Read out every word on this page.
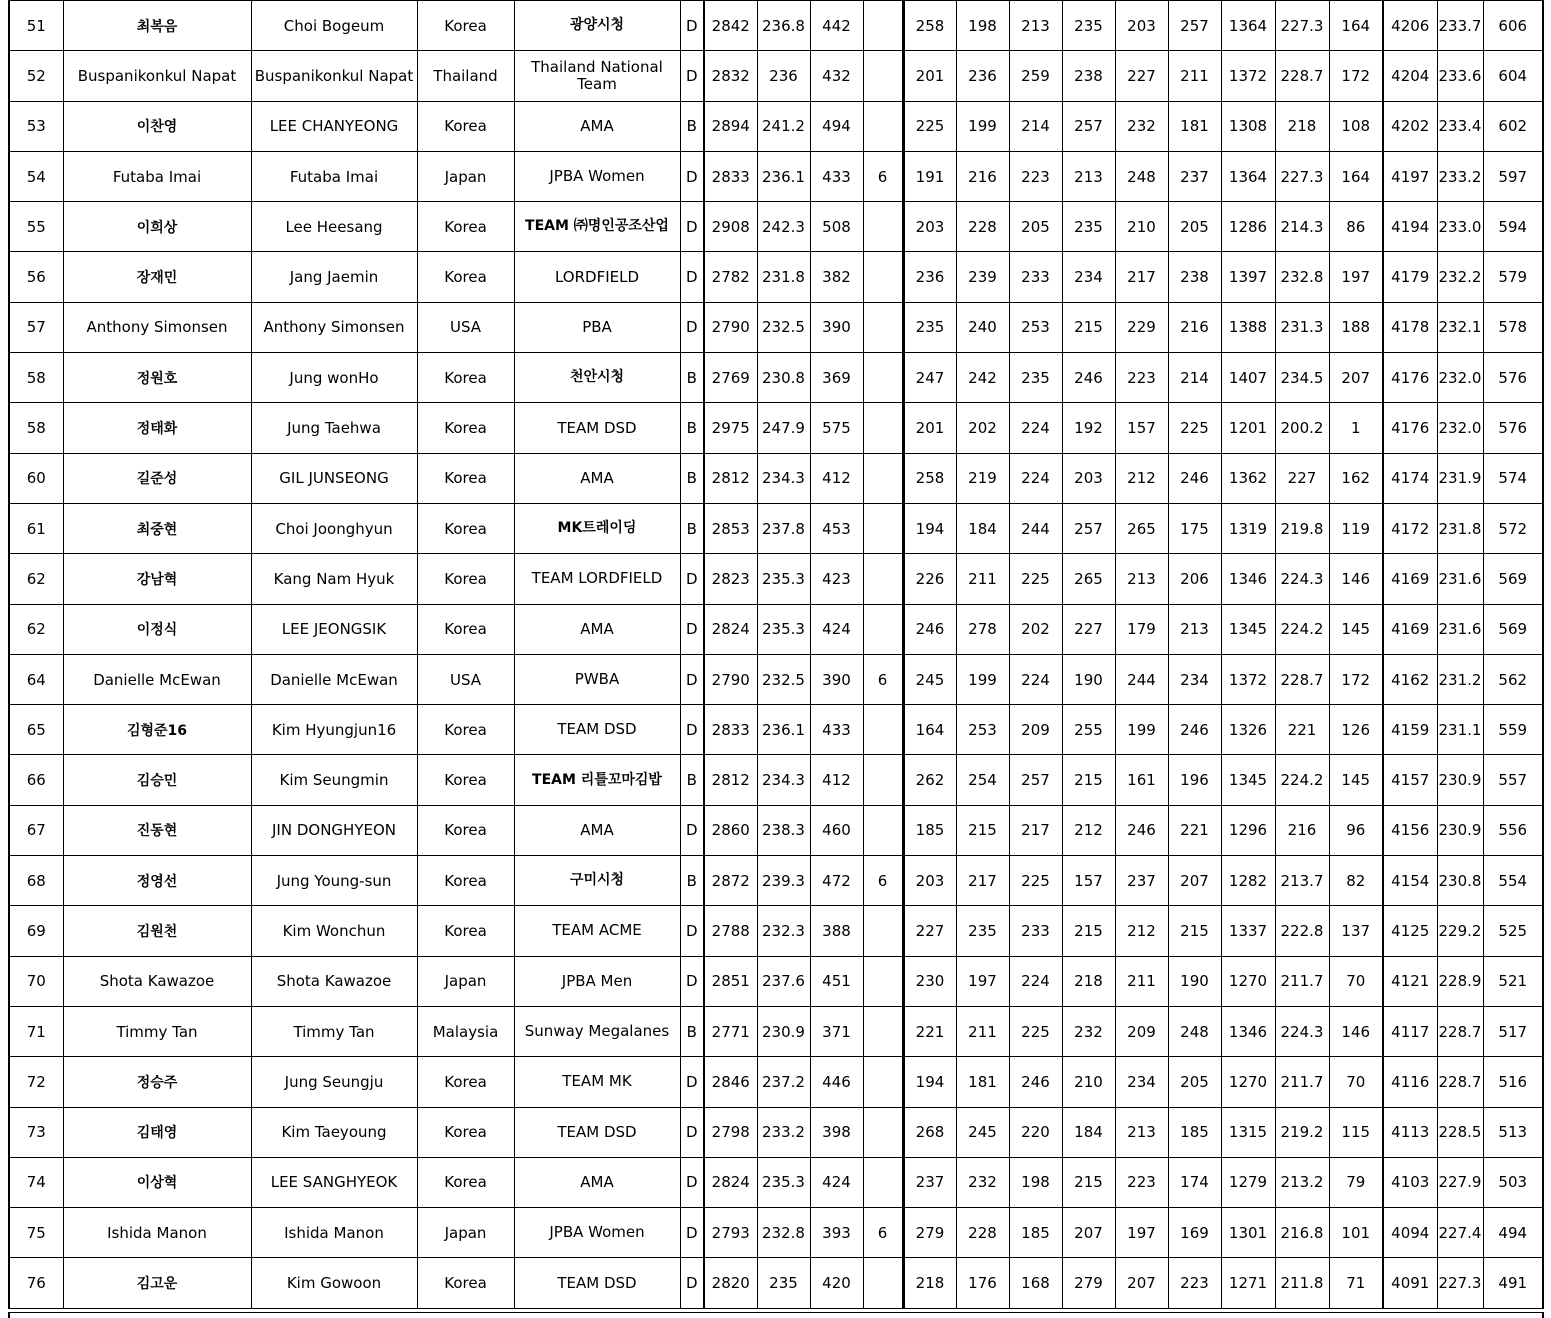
51	최복음	Choi Bogeum	Korea	광양시청	D	2842	236.8	442		258	198	213	235	203	257	1364	227.3	164	4206	233.7	606
52	Buspanikonkul Napat	Buspanikonkul Napat	Thailand	Thailand National Team	D	2832	236	432		201	236	259	238	227	211	1372	228.7	172	4204	233.6	604
53	이찬영	LEE CHANYEONG	Korea	AMA	B	2894	241.2	494		225	199	214	257	232	181	1308	218	108	4202	233.4	602
54	Futaba Imai	Futaba Imai	Japan	JPBA Women	D	2833	236.1	433	6	191	216	223	213	248	237	1364	227.3	164	4197	233.2	597
55	이희상	Lee Heesang	Korea	TEAM ㈜명인공조산업	D	2908	242.3	508		203	228	205	235	210	205	1286	214.3	86	4194	233.0	594
56	장재민	Jang Jaemin	Korea	LORDFIELD	D	2782	231.8	382		236	239	233	234	217	238	1397	232.8	197	4179	232.2	579
57	Anthony Simonsen	Anthony Simonsen	USA	PBA	D	2790	232.5	390		235	240	253	215	229	216	1388	231.3	188	4178	232.1	578
58	정원호	Jung wonHo	Korea	천안시청	B	2769	230.8	369		247	242	235	246	223	214	1407	234.5	207	4176	232.0	576
58	정태화	Jung Taehwa	Korea	TEAM DSD	B	2975	247.9	575		201	202	224	192	157	225	1201	200.2	1	4176	232.0	576
60	길준성	GIL JUNSEONG	Korea	AMA	B	2812	234.3	412		258	219	224	203	212	246	1362	227	162	4174	231.9	574
61	최중현	Choi Joonghyun	Korea	MK트레이딩	B	2853	237.8	453		194	184	244	257	265	175	1319	219.8	119	4172	231.8	572
62	강남혁	Kang Nam Hyuk	Korea	TEAM LORDFIELD	D	2823	235.3	423		226	211	225	265	213	206	1346	224.3	146	4169	231.6	569
62	이정식	LEE JEONGSIK	Korea	AMA	D	2824	235.3	424		246	278	202	227	179	213	1345	224.2	145	4169	231.6	569
64	Danielle McEwan	Danielle McEwan	USA	PWBA	D	2790	232.5	390	6	245	199	224	190	244	234	1372	228.7	172	4162	231.2	562
65	김형준16	Kim Hyungjun16	Korea	TEAM DSD	D	2833	236.1	433		164	253	209	255	199	246	1326	221	126	4159	231.1	559
66	김승민	Kim Seungmin	Korea	TEAM 리틀꼬마김밥	B	2812	234.3	412		262	254	257	215	161	196	1345	224.2	145	4157	230.9	557
67	진동현	JIN DONGHYEON	Korea	AMA	D	2860	238.3	460		185	215	217	212	246	221	1296	216	96	4156	230.9	556
68	정영선	Jung Young-sun	Korea	구미시청	B	2872	239.3	472	6	203	217	225	157	237	207	1282	213.7	82	4154	230.8	554
69	김원천	Kim Wonchun	Korea	TEAM ACME	D	2788	232.3	388		227	235	233	215	212	215	1337	222.8	137	4125	229.2	525
70	Shota Kawazoe	Shota Kawazoe	Japan	JPBA Men	D	2851	237.6	451		230	197	224	218	211	190	1270	211.7	70	4121	228.9	521
71	Timmy Tan	Timmy Tan	Malaysia	Sunway Megalanes	B	2771	230.9	371		221	211	225	232	209	248	1346	224.3	146	4117	228.7	517
72	정승주	Jung Seungju	Korea	TEAM MK	D	2846	237.2	446		194	181	246	210	234	205	1270	211.7	70	4116	228.7	516
73	김태영	Kim Taeyoung	Korea	TEAM DSD	D	2798	233.2	398		268	245	220	184	213	185	1315	219.2	115	4113	228.5	513
74	이상혁	LEE SANGHYEOK	Korea	AMA	D	2824	235.3	424		237	232	198	215	223	174	1279	213.2	79	4103	227.9	503
75	Ishida Manon	Ishida Manon	Japan	JPBA Women	D	2793	232.8	393	6	279	228	185	207	197	169	1301	216.8	101	4094	227.4	494
76	김고운	Kim Gowoon	Korea	TEAM DSD	D	2820	235	420		218	176	168	279	207	223	1271	211.8	71	4091	227.3	491
